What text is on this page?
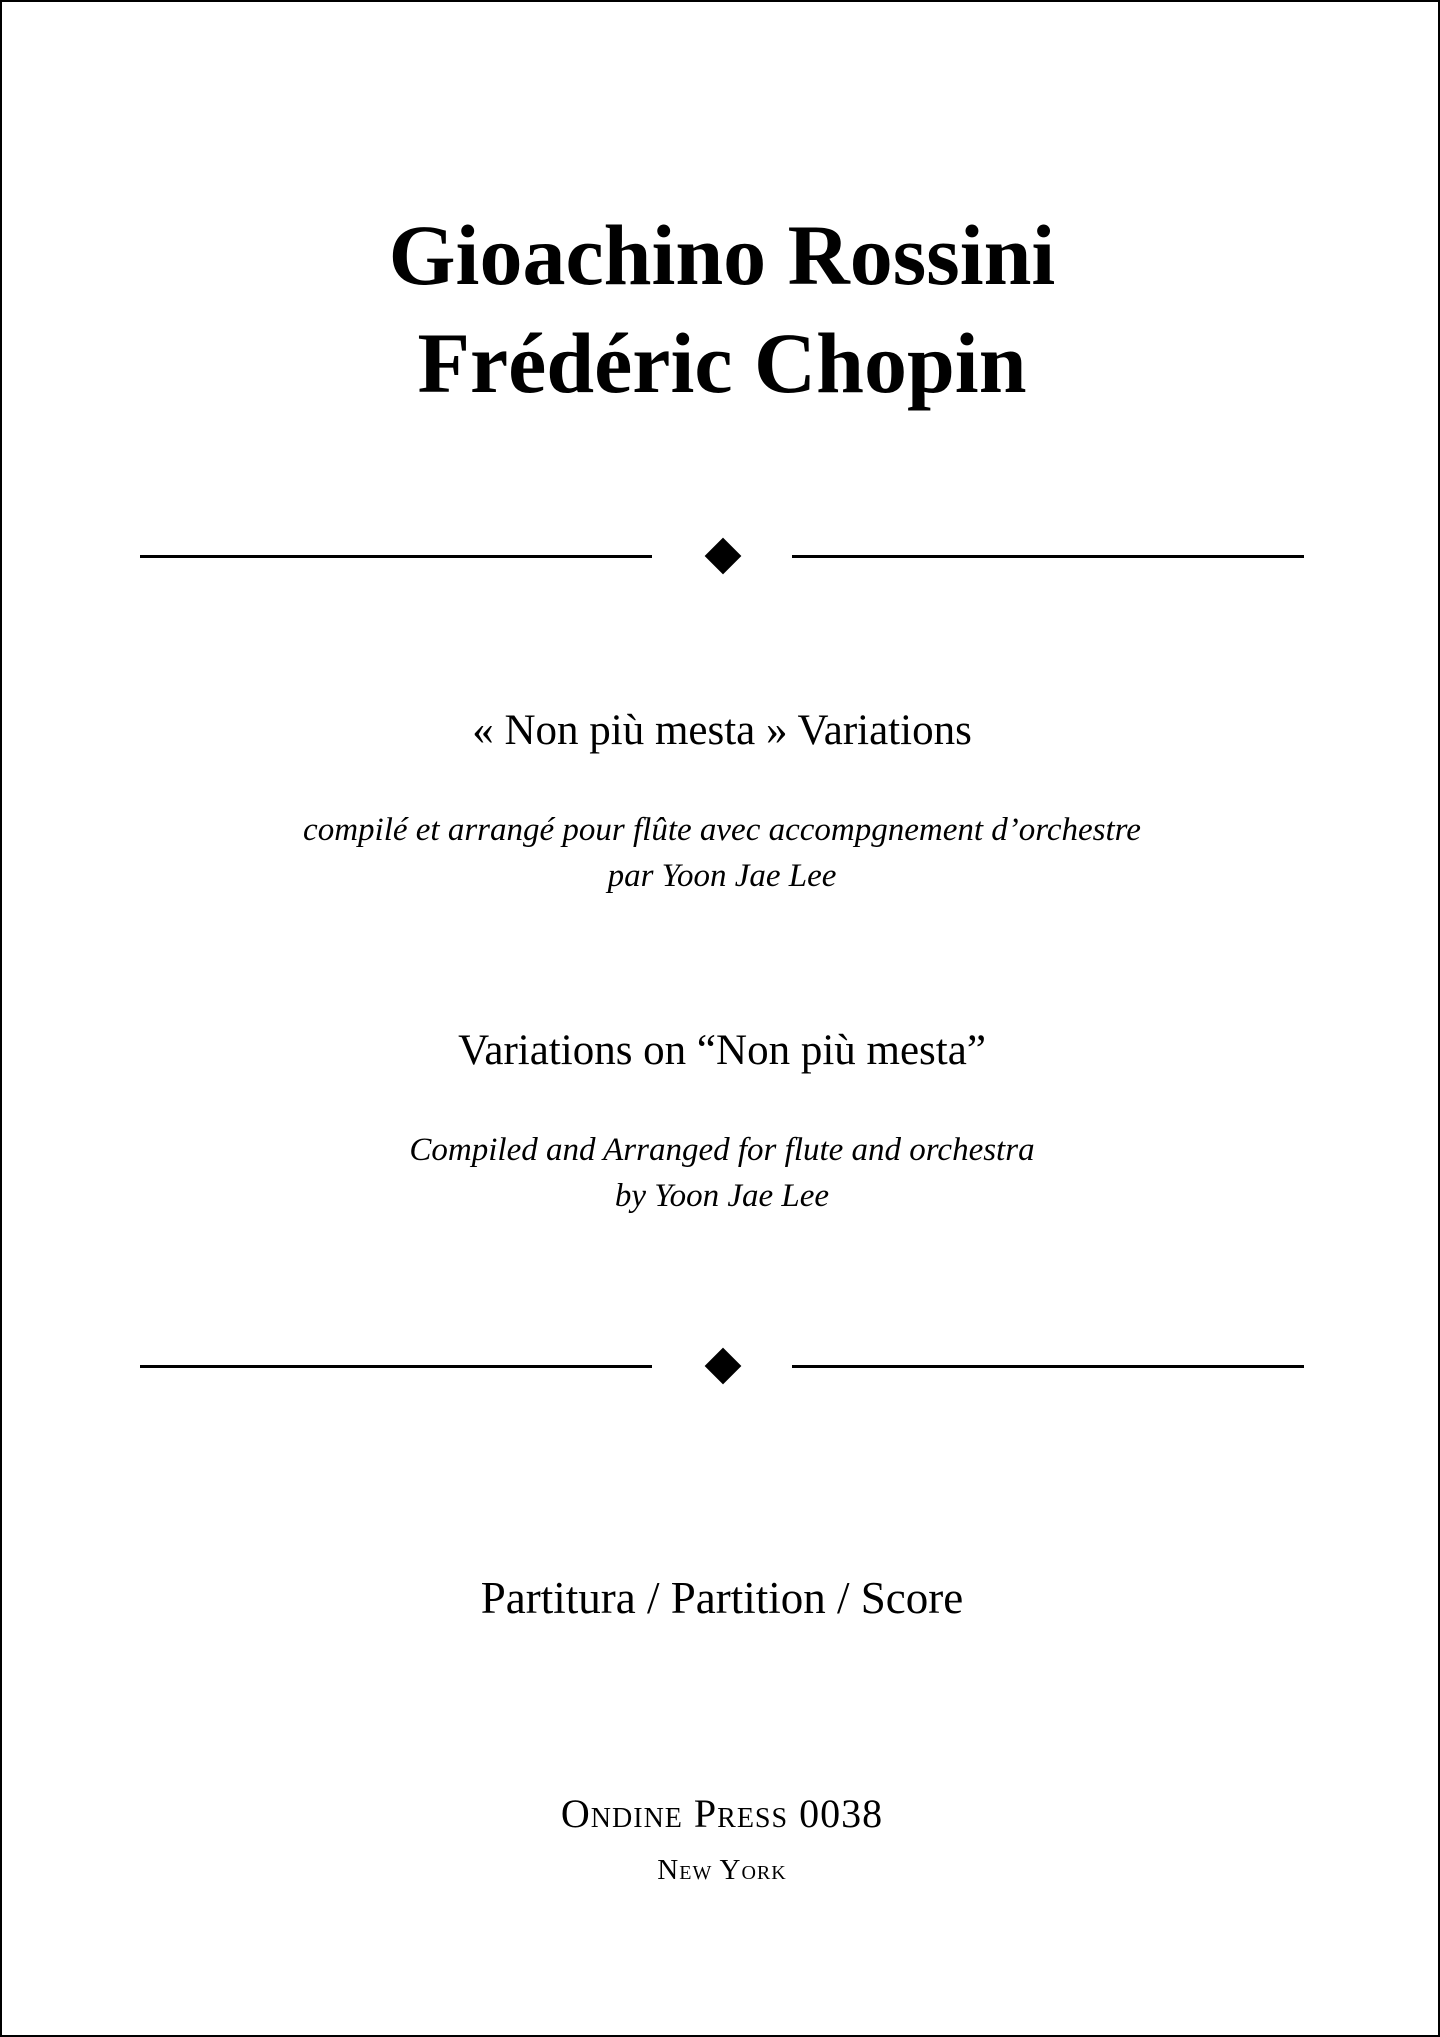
Gioachino Rossini
Frédéric Chopin
« Non più mesta » Variations
compilé et arrangé pour flûte avec accompgnement d’orchestre
par Yoon Jae Lee
Variations on “Non più mesta”
Compiled and Arranged for flute and orchestra
by Yoon Jae Lee
Partitura / Partition / Score
Ondine Press 0038
New York
